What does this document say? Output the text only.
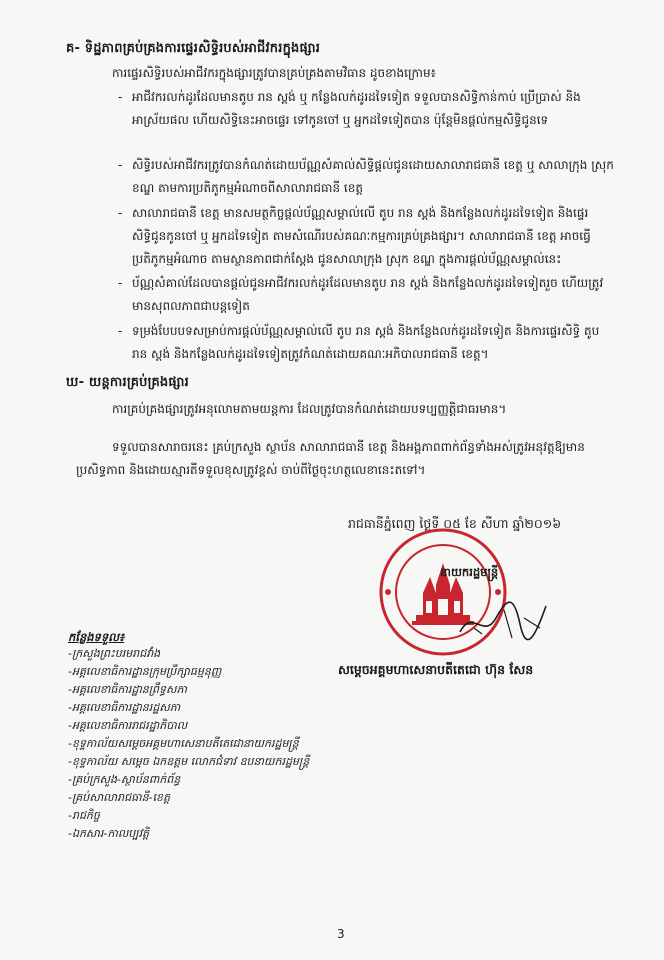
គ- ទិដ្ឋភាពគ្រប់គ្រងការផ្ទេរសិទ្ធិរបស់អាជីវករក្នុងផ្សារ
ការផ្ទេរសិទ្ធិរបស់អាជីវករក្នុងផ្សារត្រូវបានគ្រប់គ្រងតាមវិធាន ដូចខាងក្រោម៖
- អាជីវករលក់ដូរដែលមានតូប រាន ស្តង់ ឬ កន្លែងលក់ដូរដទៃទៀត ទទួលបានសិទ្ធិកាន់កាប់ ប្រើប្រាស់ និងអាស្រ័យផល ហើយសិទ្ធិនេះអាចផ្ទេរ ទៅកូនចៅ ឬ អ្នកដទៃទៀតបាន ប៉ុន្តែមិនផ្តល់កម្មសិទ្ធិជូនទេ
- សិទ្ធិរបស់អាជីវករត្រូវបានកំណត់ដោយប័ណ្ណសំគាល់សិទ្ធិផ្តល់ជូនដោយសាលារាជធានី ខេត្ត ឬ សាលាក្រុង ស្រុក ខណ្ឌ តាមការប្រតិភូកម្មអំណាចពីសាលារាជធានី ខេត្ត
- សាលារាជធានី ខេត្ត មានសមត្ថកិច្ចផ្តល់ប័ណ្ណសម្គាល់លើ តូប រាន ស្តង់ និងកន្លែងលក់ដូរដទៃទៀត និងផ្ទេរសិទ្ធិជូនកូនចៅ ឬ អ្នកដទៃទៀត តាមសំណើរបស់គណៈកម្មការគ្រប់គ្រងផ្សារ។ សាលារាជធានី ខេត្ត អាចធ្វើប្រតិភូកម្មអំណាច តាមស្ថានភាពជាក់ស្តែង ជូនសាលាក្រុង ស្រុក ខណ្ឌ ក្នុងការផ្តល់ប័ណ្ណសម្គាល់នេះ
- ប័ណ្ណសំគាល់ដែលបានផ្តល់ជូនអាជីវករលក់ដូរដែលមានតូប រាន ស្តង់ និងកន្លែងលក់ដូរដទៃទៀតរួច ហើយត្រូវមានសុពលភាពជាបន្តទៀត
- ទម្រង់បែបបទសម្រាប់ការផ្តល់ប័ណ្ណសម្គាល់លើ តូប រាន ស្តង់ និងកន្លែងលក់ដូរដទៃទៀត និងការផ្ទេរសិទ្ធិ តូប រាន ស្តង់ និងកន្លែងលក់ដូរដទៃទៀតត្រូវកំណត់ដោយគណៈអភិបាលរាជធានី ខេត្ត។
ឃ- យន្តការគ្រប់គ្រងផ្សារ
ការគ្រប់គ្រងផ្សារត្រូវអនុលោមតាមយន្តការ ដែលត្រូវបានកំណត់ដោយបទប្បញ្ញត្តិជាធរមាន។
ទទួលបានសារាចរនេះ គ្រប់ក្រសួង ស្ថាប័ន សាលារាជធានី ខេត្ត និងអង្គភាពពាក់ព័ន្ធទាំងអស់ត្រូវអនុវត្តឱ្យមានប្រសិទ្ធភាព និងដោយស្មារតីទទួលខុសត្រូវខ្ពស់ ចាប់ពីថ្ងៃចុះហត្ថលេខានេះតទៅ។
រាជធានីភ្នំពេញ ថ្ងៃទី ០៥ ខែ សីហា ឆ្នាំ២០១៦
នាយករដ្ឋមន្ត្រី
សម្តេចអគ្គមហាសេនាបតីតេជោ ហ៊ុន សែន
កន្លែងទទួល៖
-ក្រសួងព្រះបរមរាជវាំង
-អគ្គលេខាធិការដ្ឋានក្រុមប្រឹក្សាធម្មនុញ្ញ
-អគ្គលេខាធិការដ្ឋានព្រឹទ្ធសភា
-អគ្គលេខាធិការដ្ឋានរដ្ឋសភា
-អគ្គលេខាធិការរាជរដ្ឋាភិបាល
-ខុទ្ទកាល័យសម្តេចអគ្គមហាសេនាបតីតេជោនាយករដ្ឋមន្ត្រី
-ខុទ្ទកាល័យ សម្តេច ឯកឧត្តម លោកជំទាវ ឧបនាយករដ្ឋមន្ត្រី
-គ្រប់ក្រសួង-ស្ថាប័នពាក់ព័ន្ធ
-គ្រប់សាលារាជធានី-ខេត្ត
-រាជកិច្ច
-ឯកសារ-កាលប្បវត្តិ
3
